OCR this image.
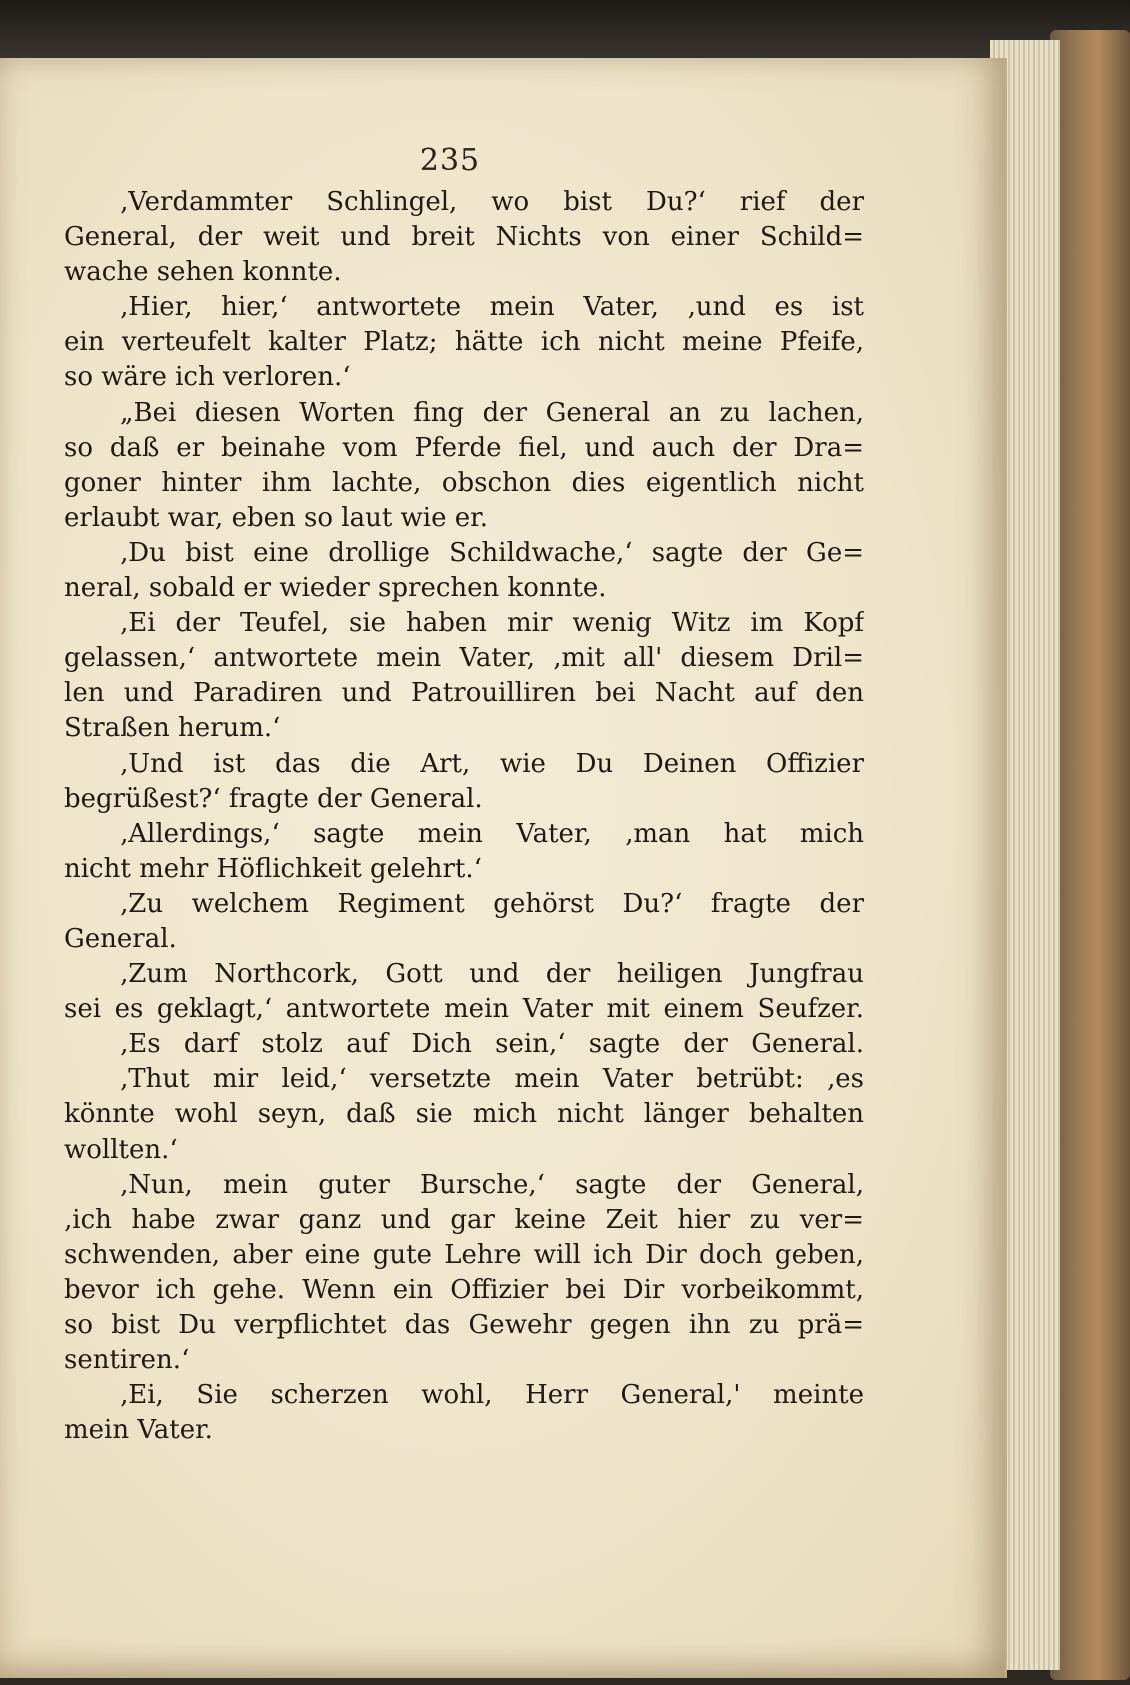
235
‚Verdammter Schlingel, wo bist Du?‘ rief der
General, der weit und breit Nichts von einer Schild=
wache sehen konnte.
‚Hier, hier,‘ antwortete mein Vater, ‚und es ist
ein verteufelt kalter Platz; hätte ich nicht meine Pfeife,
so wäre ich verloren.‘
„Bei diesen Worten fing der General an zu lachen,
so daß er beinahe vom Pferde fiel, und auch der Dra=
goner hinter ihm lachte, obschon dies eigentlich nicht
erlaubt war, eben so laut wie er.
‚Du bist eine drollige Schildwache,‘ sagte der Ge=
neral, sobald er wieder sprechen konnte.
‚Ei der Teufel, sie haben mir wenig Witz im Kopf
gelassen,‘ antwortete mein Vater, ‚mit all' diesem Dril=
len und Paradiren und Patrouilliren bei Nacht auf den
Straßen herum.‘
‚Und ist das die Art, wie Du Deinen Offizier
begrüßest?‘ fragte der General.
‚Allerdings,‘ sagte mein Vater, ‚man hat mich
nicht mehr Höflichkeit gelehrt.‘
‚Zu welchem Regiment gehörst Du?‘ fragte der
General.
‚Zum Northcork, Gott und der heiligen Jungfrau
sei es geklagt,‘ antwortete mein Vater mit einem Seufzer.
‚Es darf stolz auf Dich sein,‘ sagte der General.
‚Thut mir leid,‘ versetzte mein Vater betrübt: ‚es
könnte wohl seyn, daß sie mich nicht länger behalten
wollten.‘
‚Nun, mein guter Bursche,‘ sagte der General,
‚ich habe zwar ganz und gar keine Zeit hier zu ver=
schwenden, aber eine gute Lehre will ich Dir doch geben,
bevor ich gehe. Wenn ein Offizier bei Dir vorbeikommt,
so bist Du verpflichtet das Gewehr gegen ihn zu prä=
sentiren.‘
‚Ei, Sie scherzen wohl, Herr General,' meinte
mein Vater.
